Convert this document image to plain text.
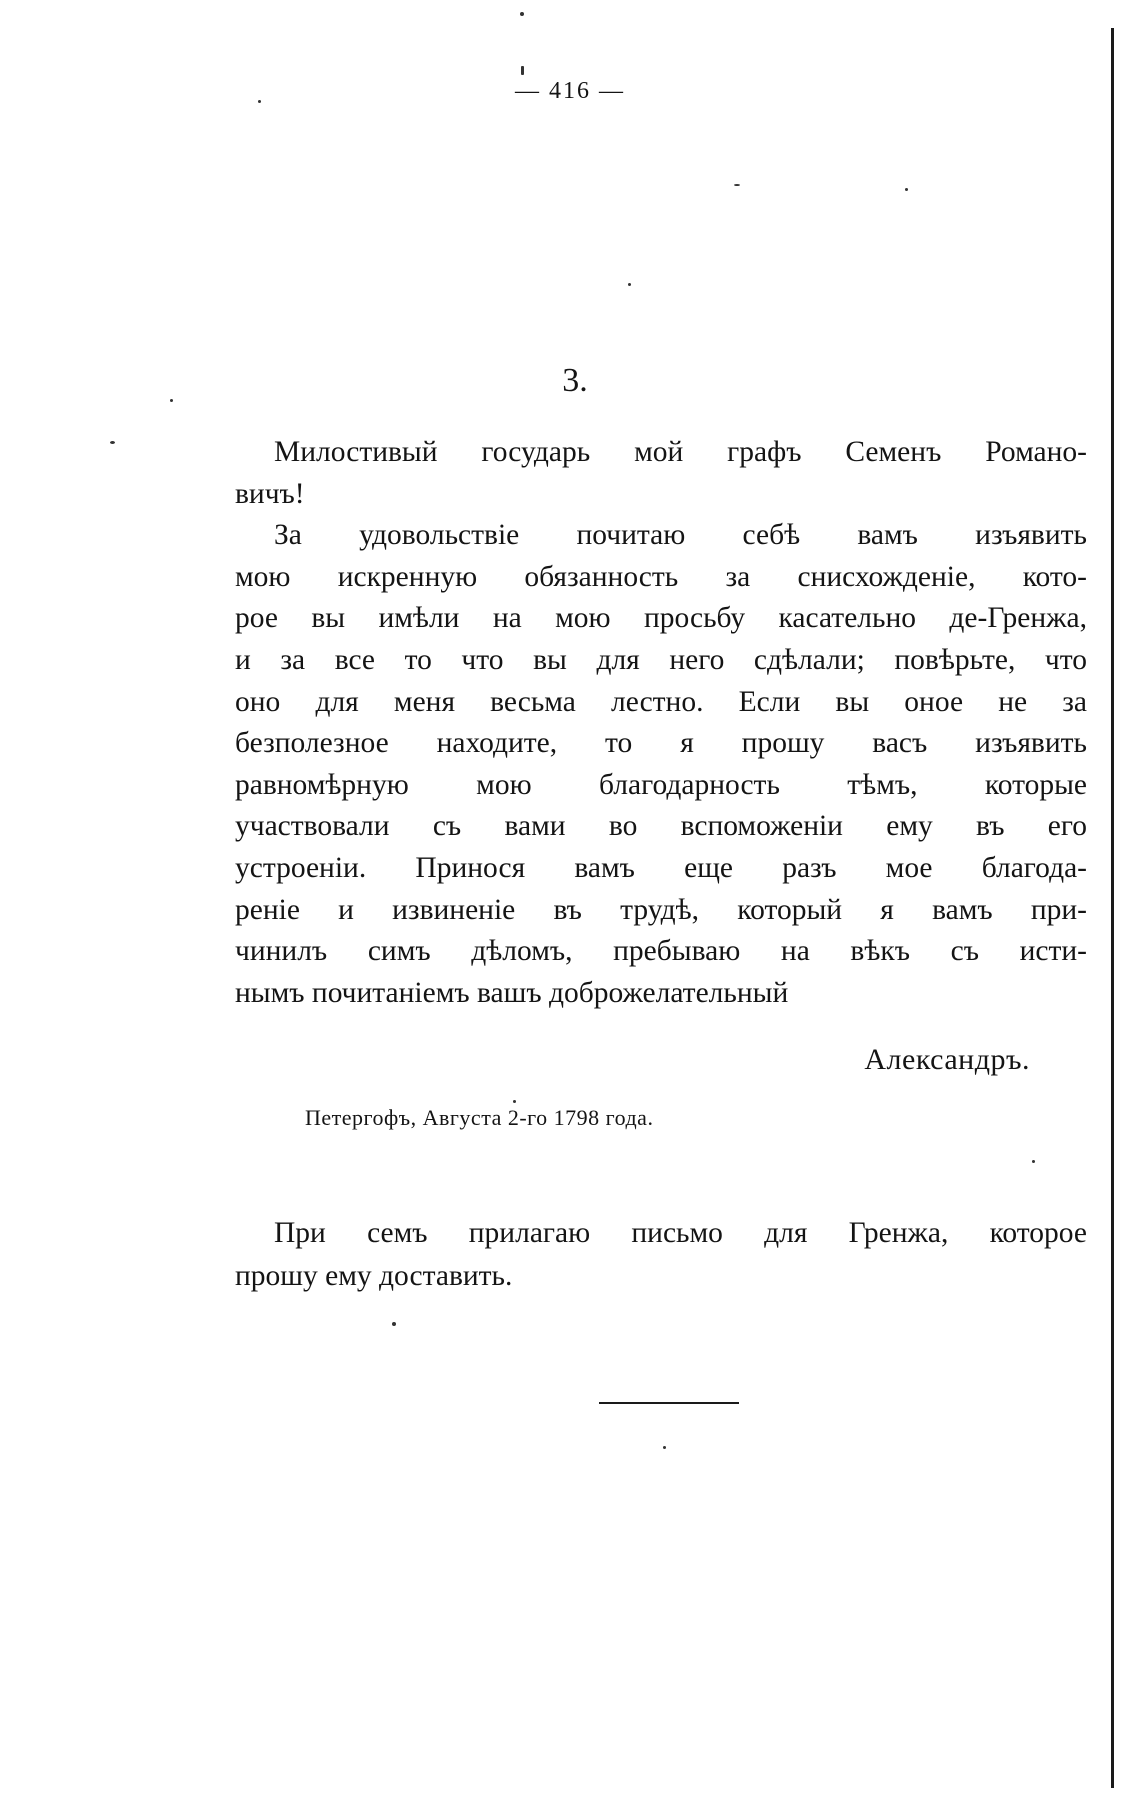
— 416 —
3.

Милостивый государь мой графъ Семенъ Романо-
вичъ!

За удовольствіе почитаю себѣ вамъ изъявить
мою искренную обязанность за снисхожденіе, кото-
рое вы имѣли на мою просьбу касательно де-Гренжа,
и за все то что вы для него сдѣлали; повѣрьте, что
оно для меня весьма лестно. Если вы оное не за
безполезное находите, то я прошу васъ изъявить
равномѣрную мою благодарность тѣмъ, которые
участвовали съ вами во вспоможеніи ему въ его
устроеніи. Принося вамъ еще разъ мое благода-
реніе и извиненіе въ трудѣ, который я вамъ при-
чинилъ симъ дѣломъ, пребываю на вѣкъ съ исти-
нымъ почитаніемъ вашъ доброжелательный

Александръ.
Петергофъ, Августа 2-го 1798 года.
При семъ прилагаю письмо для Гренжа, которое
прошу ему доставить.
